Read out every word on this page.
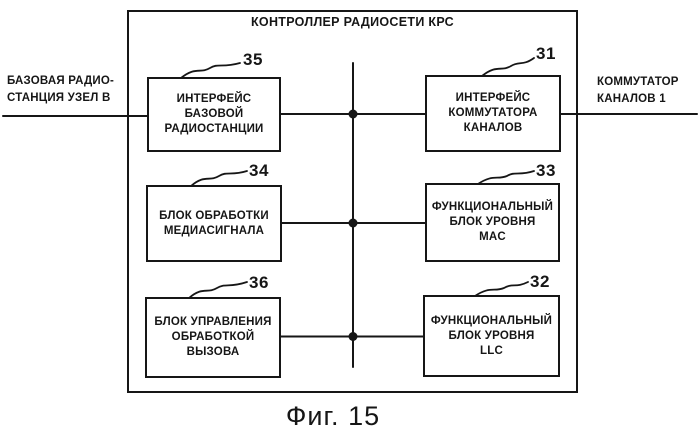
КОНТРОЛЛЕР РАДИОСЕТИ КРС
БАЗОВАЯ РАДИО-
СТАНЦИЯ УЗЕЛ В
КОММУТАТОР
КАНАЛОВ 1
ИНТЕРФЕЙС
БАЗОВОЙ
РАДИОСТАНЦИИ
БЛОК ОБРАБОТКИ
МЕДИАСИГНАЛА
БЛОК УПРАВЛЕНИЯ
ОБРАБОТКОЙ
ВЫЗОВА
ИНТЕРФЕЙС
КОММУТАТОРА
КАНАЛОВ
ФУНКЦИОНАЛЬНЫЙ
БЛОК УРОВНЯ
MAC
ФУНКЦИОНАЛЬНЫЙ
БЛОК УРОВНЯ
LLC
35
34
36
31
33
32
Фиг. 15
